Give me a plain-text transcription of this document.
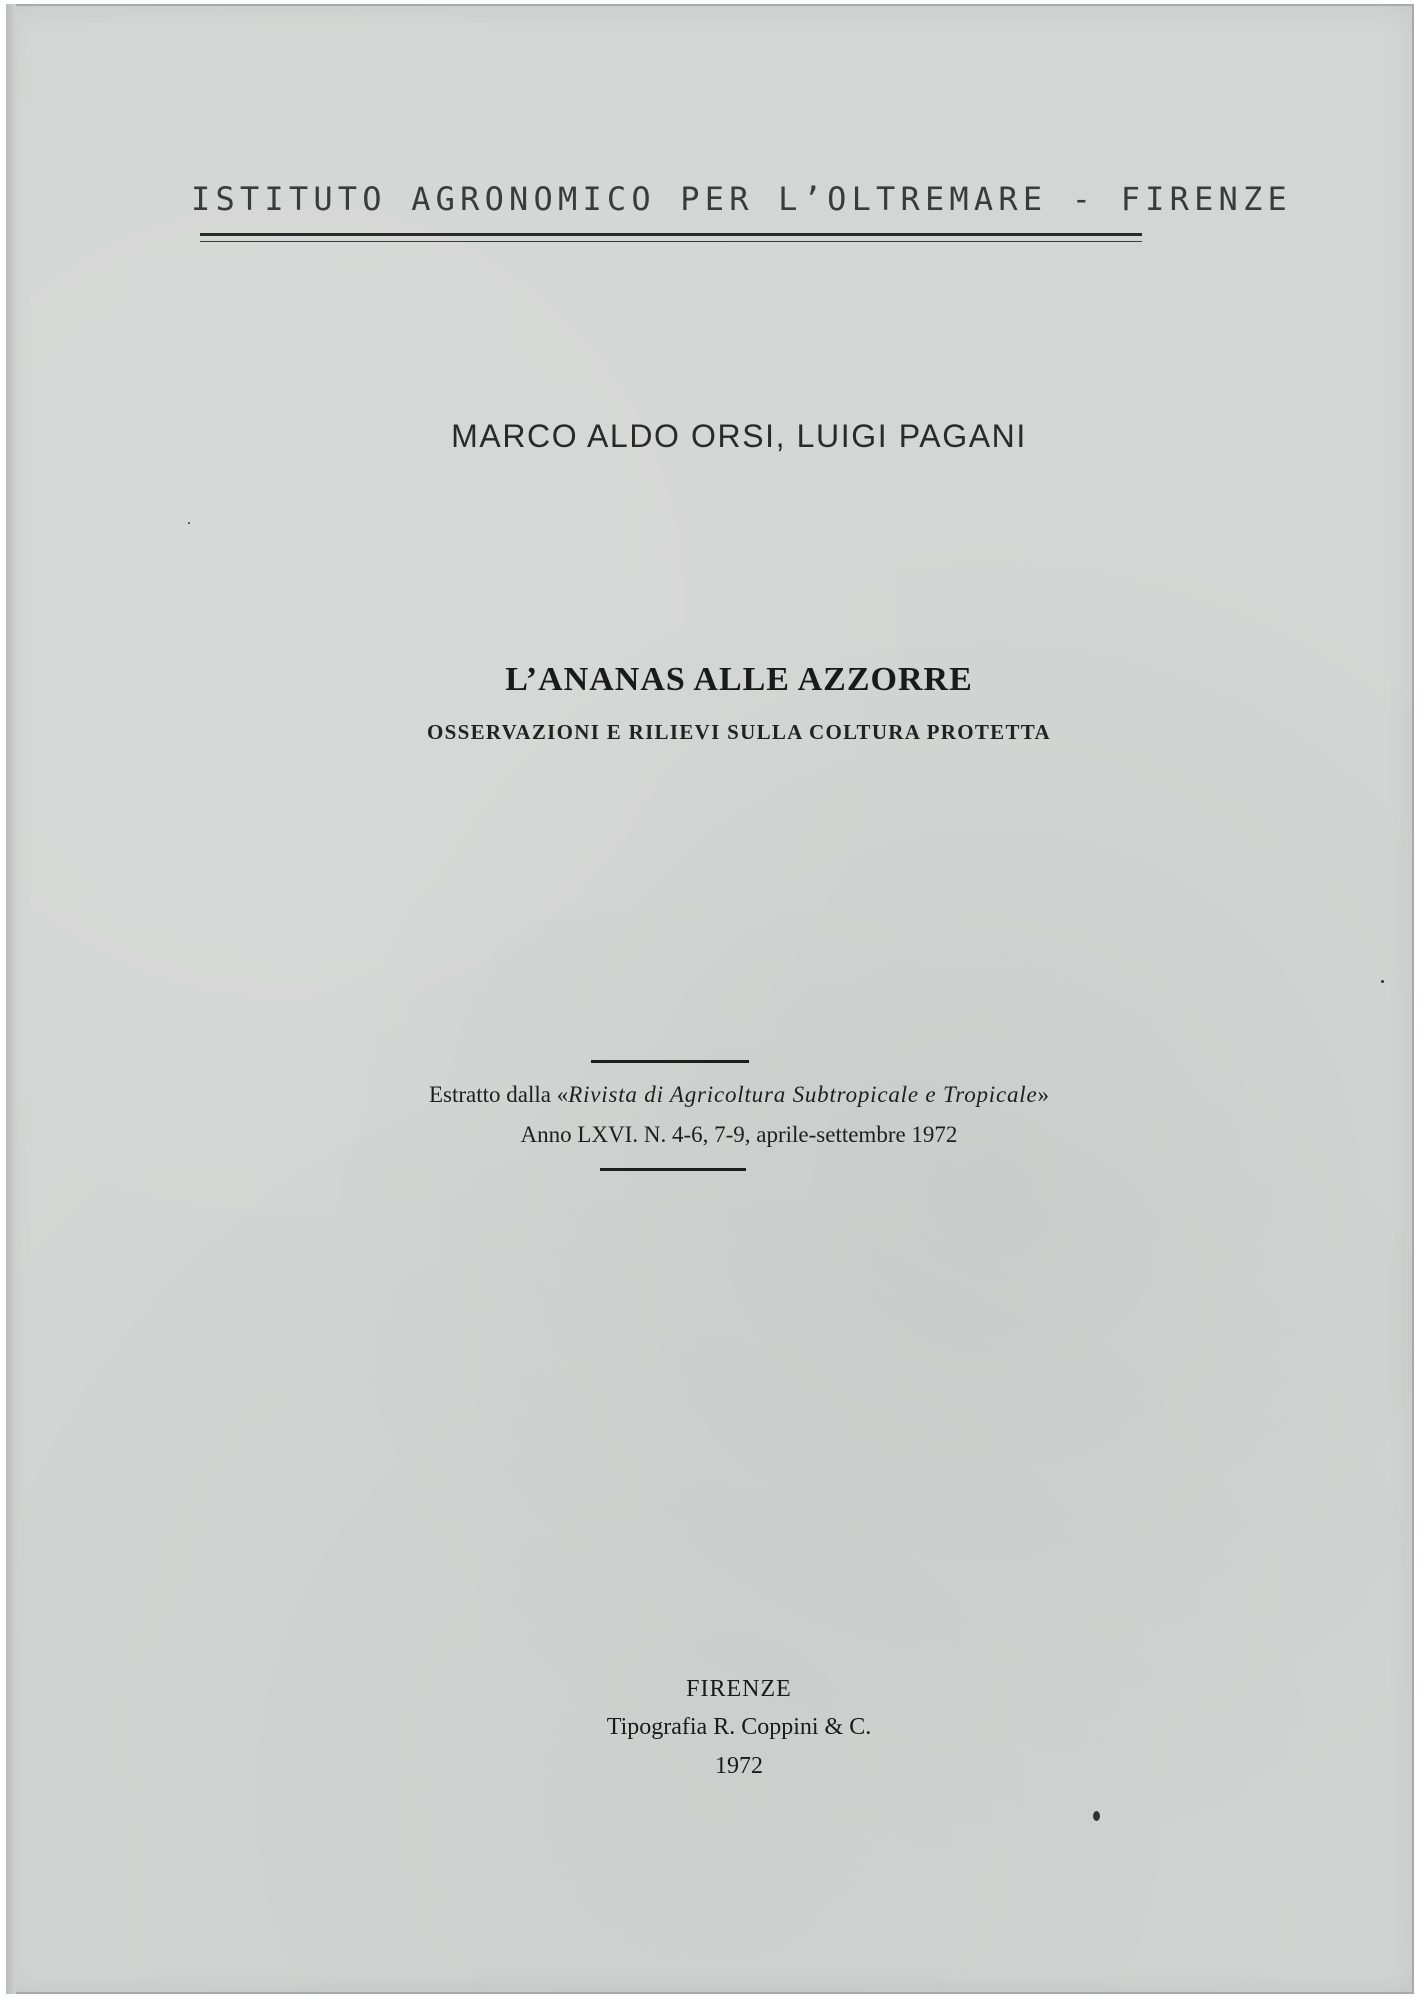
ISTITUTO AGRONOMICO PER L’OLTREMARE - FIRENZE
MARCO ALDO ORSI, LUIGI PAGANI
L’ANANAS ALLE AZZORRE
OSSERVAZIONI E RILIEVI SULLA COLTURA PROTETTA
Estratto dalla «Rivista di Agricoltura Subtropicale e Tropicale»
Anno LXVI. N. 4-6, 7-9, aprile-settembre 1972
FIRENZE
Tipografia R. Coppini & C.
1972
